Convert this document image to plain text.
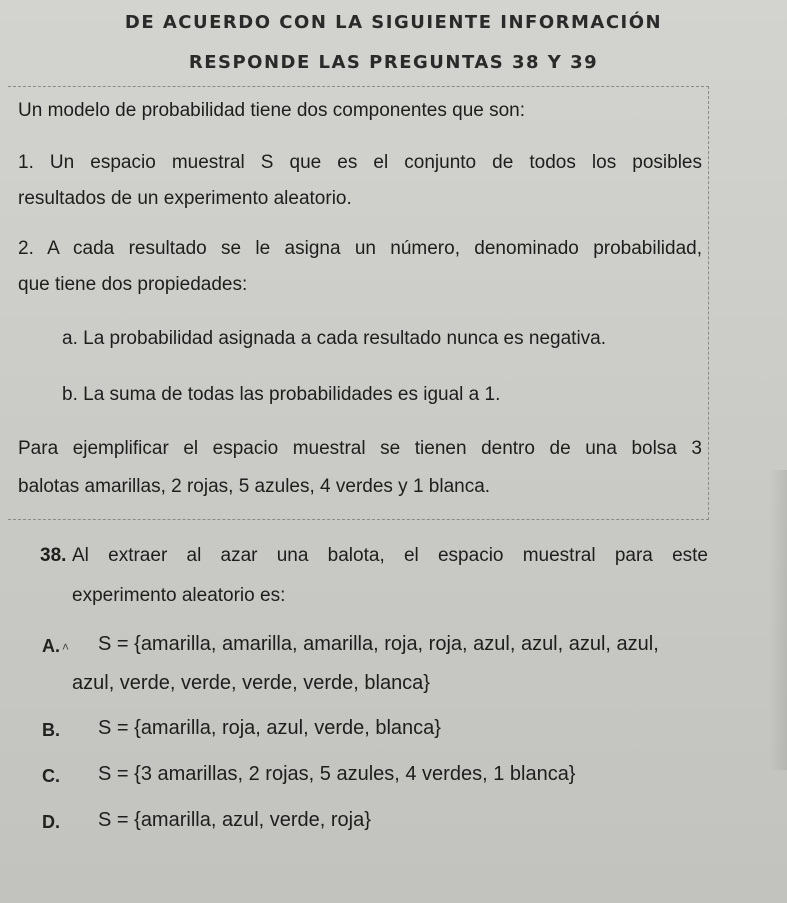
DE ACUERDO CON LA SIGUIENTE INFORMACIÓN
RESPONDE LAS PREGUNTAS 38 Y 39
Un modelo de probabilidad tiene dos componentes que son:
1. Un espacio muestral S que es el conjunto de todos los posibles
resultados de un experimento aleatorio.
2. A cada resultado se le asigna un número, denominado probabilidad,
que tiene dos propiedades:
a. La probabilidad asignada a cada resultado nunca es negativa.
b. La suma de todas las probabilidades es igual a 1.
Para ejemplificar el espacio muestral se tienen dentro de una bolsa 3
balotas amarillas, 2 rojas, 5 azules, 4 verdes y 1 blanca.
38. Al extraer al azar una balota, el espacio muestral para este
experimento aleatorio es:
˄
A. S = {amarilla, amarilla, amarilla, roja, roja, azul, azul, azul, azul,
azul, verde, verde, verde, verde, blanca}
B. S = {amarilla, roja, azul, verde, blanca}
C. S = {3 amarillas, 2 rojas, 5 azules, 4 verdes, 1 blanca}
D. S = {amarilla, azul, verde, roja}
